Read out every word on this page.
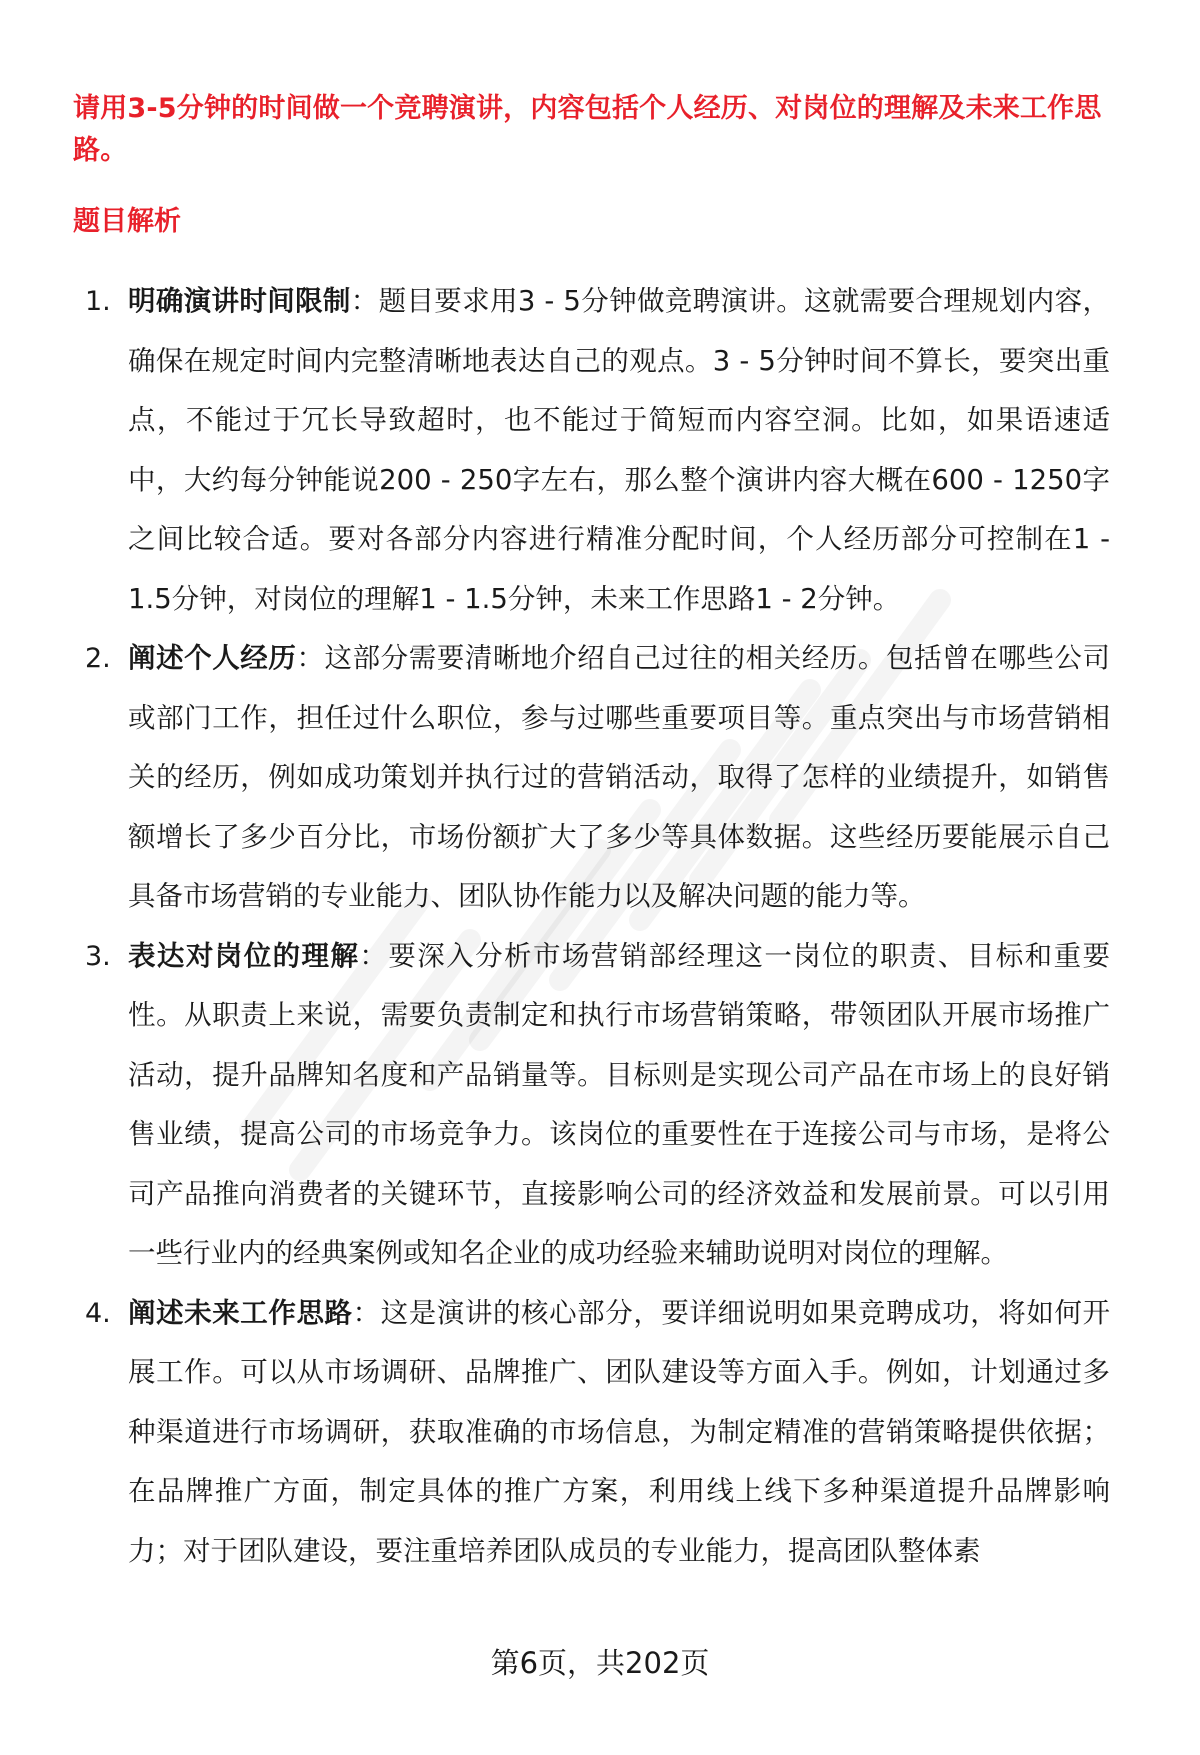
请用3-5分钟的时间做一个竞聘演讲，内容包括个人经历、对岗位的理解及未来工作思路。
题目解析
1. 明确演讲时间限制：题目要求用3 - 5分钟做竞聘演讲。这就需要合理规划内容，确保在规定时间内完整清晰地表达自己的观点。3 - 5分钟时间不算长，要突出重点，不能过于冗长导致超时，也不能过于简短而内容空洞。比如，如果语速适中，大约每分钟能说200 - 250字左右，那么整个演讲内容大概在600 - 1250字之间比较合适。要对各部分内容进行精准分配时间，个人经历部分可控制在1 - 1.5分钟，对岗位的理解1 - 1.5分钟，未来工作思路1 - 2分钟。
2. 阐述个人经历：这部分需要清晰地介绍自己过往的相关经历。包括曾在哪些公司或部门工作，担任过什么职位，参与过哪些重要项目等。重点突出与市场营销相关的经历，例如成功策划并执行过的营销活动，取得了怎样的业绩提升，如销售额增长了多少百分比，市场份额扩大了多少等具体数据。这些经历要能展示自己具备市场营销的专业能力、团队协作能力以及解决问题的能力等。
3. 表达对岗位的理解：要深入分析市场营销部经理这一岗位的职责、目标和重要性。从职责上来说，需要负责制定和执行市场营销策略，带领团队开展市场推广活动，提升品牌知名度和产品销量等。目标则是实现公司产品在市场上的良好销售业绩，提高公司的市场竞争力。该岗位的重要性在于连接公司与市场，是将公司产品推向消费者的关键环节，直接影响公司的经济效益和发展前景。可以引用一些行业内的经典案例或知名企业的成功经验来辅助说明对岗位的理解。
4. 阐述未来工作思路：这是演讲的核心部分，要详细说明如果竞聘成功，将如何开展工作。可以从市场调研、品牌推广、团队建设等方面入手。例如，计划通过多种渠道进行市场调研，获取准确的市场信息，为制定精准的营销策略提供依据；在品牌推广方面，制定具体的推广方案，利用线上线下多种渠道提升品牌影响力；对于团队建设，要注重培养团队成员的专业能力，提高团队整体素
第6页，共202页
